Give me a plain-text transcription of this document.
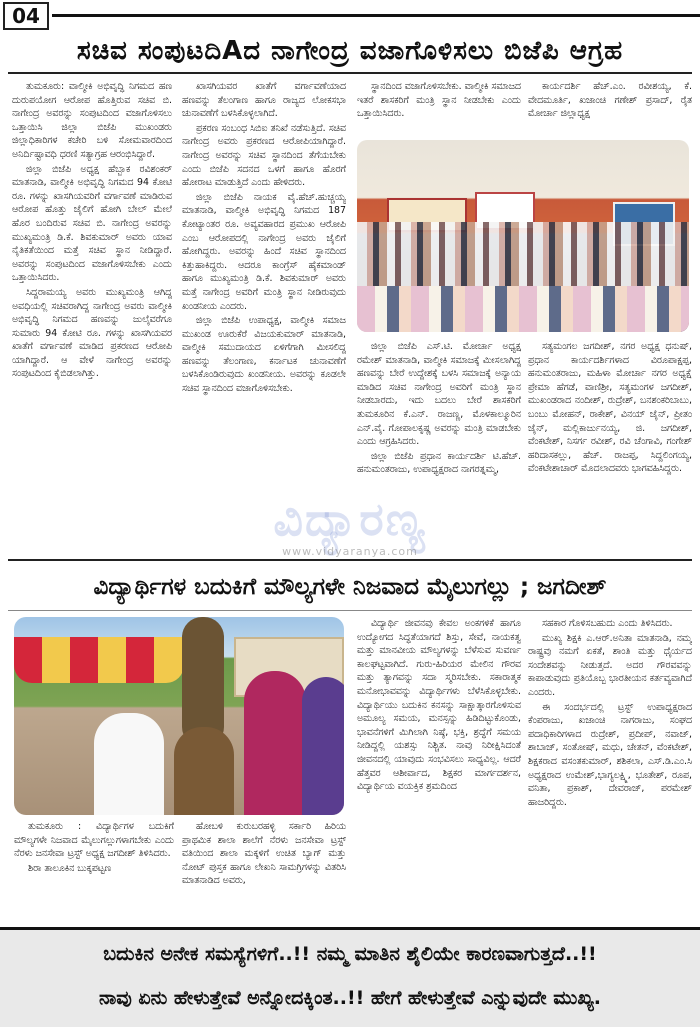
04
ಸಚಿವ ಸಂಪುಟದಿAದ ನಾಗೇಂದ್ರ ವಜಾಗೊಳಿಸಲು ಬಿಜೆಪಿ ಆಗ್ರಹ

ತುಮಕೂರು: ವಾಲ್ಮೀಕಿ ಅಭಿವೃದ್ಧಿ ನಿಗಮದ ಹಣ ದುರುಪಯೋಗ ಆರೋಪ ಹೊತ್ತಿರುವ ಸಚಿವ ಬಿ. ನಾಗೇಂದ್ರ ಅವರನ್ನು ಸಂಪುಟದಿಂದ ವಜಾಗೊಳಿಸಲು ಒತ್ತಾಯಿಸಿ ಜಿಲ್ಲಾ ಬಿಜೆಪಿ ಮುಖಂಡರು ಜಿಲ್ಲಾಧಿಕಾರಿಗಳ ಕಚೇರಿ ಬಳಿ ಸೋಮವಾರದಿಂದ ಅನಿರ್ದಿಷ್ಟಾವಧಿ ಧರಣಿ ಸತ್ಯಾಗ್ರಹ ಆರಂಭಿಸಿದ್ದಾರೆ.

ಜಿಲ್ಲಾ ಬಿಜೆಪಿ ಅಧ್ಯಕ್ಷ ಹೆಬ್ಬಾಕ ರವಿಶಂಕರ್ ಮಾತನಾಡಿ, ವಾಲ್ಮೀಕಿ ಅಭಿವೃದ್ಧಿ ನಿಗಮದ 94 ಕೋಟಿ ರೂ. ಗಳನ್ನು ಖಾಸಗಿಯವರಿಗೆ ವರ್ಗಾವಣೆ ಮಾಡಿರುವ ಆರೋಪ ಹೊತ್ತು ಜೈಲಿಗೆ ಹೋಗಿ ಬೇಲ್ ಮೇಲೆ ಹೊರ ಬಂದಿರುವ ಸಚಿವ ಬಿ. ನಾಗೇಂದ್ರ ಅವರನ್ನು ಮುಖ್ಯಮಂತ್ರಿ ಡಿ.ಕೆ. ಶಿವಕುಮಾರ್ ಅವರು ಯಾವ ನೈತಿಕತೆಯಿಂದ ಮತ್ತೆ ಸಚಿವ ಸ್ಥಾನ ನೀಡಿದ್ದಾರೆ. ಅವರನ್ನು ಸಂಪುಟದಿಂದ ವಜಾಗೊಳಿಸಬೇಕು ಎಂದು ಒತ್ತಾಯಿಸಿದರು.

ಸಿದ್ದರಾಮಯ್ಯ ಅವರು ಮುಖ್ಯಮಂತ್ರಿ ಆಗಿದ್ದ ಅವಧಿಯಲ್ಲಿ ಸಚಿವರಾಗಿದ್ದ ನಾಗೇಂದ್ರ ಅವರು ವಾಲ್ಮೀಕಿ ಅಭಿವೃದ್ಧಿ ನಿಗಮದ ಹಣವನ್ನು ಜುಲೈವರೆಗೂ ಸುಮಾರು 94 ಕೋಟಿ ರೂ. ಗಳನ್ನು ಖಾಸಗಿಯವರ ಖಾತೆಗೆ ವರ್ಗಾವಣೆ ಮಾಡಿದ ಪ್ರಕರಣದ ಆರೋಪಿ ಯಾಗಿದ್ದಾರೆ. ಆ ವೇಳೆ ನಾಗೇಂದ್ರ ಅವರನ್ನು ಸಂಪುಟದಿಂದ ಕೈಬಿಡಲಾಗಿತ್ತು.

ಖಾಸಗಿಯವರ ಖಾತೆಗೆ ವರ್ಗಾವಣೆಯಾದ ಹಣವನ್ನು ತೆಲಂಗಾಣ ಹಾಗೂ ರಾಜ್ಯದ ಲೋಕಸಭಾ ಚುನಾವಣೆಗೆ ಬಳಸಿಕೊಳ್ಳಲಾಗಿದೆ.

ಪ್ರಕರಣ ಸಂಬಂಧ ಸಿಬಿಐ ತನಿಖೆ ನಡೆಸುತ್ತಿದೆ. ಸಚಿವ ನಾಗೇಂದ್ರ ಅವರು ಪ್ರಕರಣದ ಆರೋಪಿಯಾಗಿದ್ದಾರೆ. ನಾಗೇಂದ್ರ ಅವರನ್ನು ಸಚಿವ ಸ್ಥಾನದಿಂದ ತೆಗೆಯಬೇಕು ಎಂದು ಬಿಜೆಪಿ ಸದನದ ಒಳಗೆ ಹಾಗೂ ಹೊರಗೆ ಹೋರಾಟ ಮಾಡುತ್ತಿದೆ ಎಂದು ಹೇಳಿದರು.

ಜಿಲ್ಲಾ ಬಿಜೆಪಿ ನಾಯಕ ವೈ.ಹೆಚ್.ಹುಚ್ಚಯ್ಯ ಮಾತನಾಡಿ, ವಾಲ್ಮೀಕಿ ಅಭಿವೃದ್ಧಿ ನಿಗಮದ 187 ಕೋಟ್ಯಾಂತರ ರೂ. ಅವ್ಯವಹಾರದ ಪ್ರಮುಖ ಆರೋಪಿ ಎಂಬ ಆರೋಪದಲ್ಲಿ ನಾಗೇಂದ್ರ ಅವರು ಜೈಲಿಗೆ ಹೋಗಿದ್ದರು. ಅವರನ್ನು ಹಿಂದೆ ಸಚಿವ ಸ್ಥಾನದಿಂದ ಕಿತ್ತುಹಾಕಿದ್ದರು. ಆದರೂ ಕಾಂಗ್ರೆಸ್ ಹೈಕಮಾಂಡ್ ಹಾಗೂ ಮುಖ್ಯಮಂತ್ರಿ ಡಿ.ಕೆ. ಶಿವಕುಮಾರ್ ಅವರು ಮತ್ತೆ ನಾಗೇಂದ್ರ ಅವರಿಗೆ ಮಂತ್ರಿ ಸ್ಥಾನ ನೀಡಿರುವುದು ಖಂಡನೀಯ ಎಂದರು.

ಜಿಲ್ಲಾ ಬಿಜೆಪಿ ಉಪಾಧ್ಯಕ್ಷ, ವಾಲ್ಮೀಕಿ ಸಮಾಜ ಮುಖಂಡ ಊರುಕೆರೆ ವಿಜಯಕುಮಾರ್ ಮಾತನಾಡಿ, ವಾಲ್ಮೀಕಿ ಸಮುದಾಯದ ಏಳಿಗೆಗಾಗಿ ಮೀಸಲಿದ್ದ ಹಣವನ್ನು ತೆಲಂಗಾಣ, ಕರ್ನಾಟಕ ಚುನಾವಣೆಗೆ ಬಳಸಿಕೊಂಡಿರುವುದು ಖಂಡನೀಯ. ಅವರನ್ನು ಕೂಡಲೇ ಸಚಿವ ಸ್ಥಾನದಿಂದ ವಜಾಗೊಳಿಸಬೇಕು.

ಸ್ಥಾನದಿಂದ ವಜಾಗೊಳಿಸಬೇಕು. ವಾಲ್ಮೀಕಿ ಸಮಾಜದ ಇತರೆ ಶಾಸಕರಿಗೆ ಮಂತ್ರಿ ಸ್ಥಾನ ನೀಡಬೇಕು ಎಂದು ಒತ್ತಾಯಿಸಿದರು.

ಕಾರ್ಯದರ್ಶಿ ಹೆಚ್.ಎಂ. ರವೀಶಯ್ಯ, ಕೆ. ವೇದಮೂರ್ತಿ, ಖಜಾಂಚಿ ಗಣೇಶ್ ಪ್ರಸಾದ್, ರೈತ ಮೋರ್ಚಾ ಜಿಲ್ಲಾಧ್ಯಕ್ಷ

ಜಿಲ್ಲಾ ಬಿಜೆಪಿ ಎಸ್.ಟಿ. ಮೋರ್ಚಾ ಅಧ್ಯಕ್ಷ ರಮೇಶ್ ಮಾತನಾಡಿ, ವಾಲ್ಮೀಕಿ ಸಮಾಜಕ್ಕೆ ಮೀಸಲಾಗಿದ್ದ ಹಣವನ್ನು ಬೇರೆ ಉದ್ದೇಶಕ್ಕೆ ಬಳಸಿ ಸಮಾಜಕ್ಕೆ ಅನ್ಯಾಯ ಮಾಡಿದ ಸಚಿವ ನಾಗೇಂದ್ರ ಅವರಿಗೆ ಮಂತ್ರಿ ಸ್ಥಾನ ನೀಡಬಾರದು, ಇದು ಬದಲು ಬೇರೆ ಶಾಸಕರಿಗೆ ತುಮಕೂರಿನ ಕೆ.ಎನ್. ರಾಜಣ್ಣ, ಮೊಳಕಾಲ್ಮೂರಿನ ಎನ್.ವೈ. ಗೋಪಾಲಕೃಷ್ಣ ಅವರನ್ನು ಮಂತ್ರಿ ಮಾಡಬೇಕು ಎಂದು ಆಗ್ರಹಿಸಿದರು.

ಜಿಲ್ಲಾ ಬಿಜೆಪಿ ಪ್ರಧಾನ ಕಾರ್ಯದರ್ಶಿ ಟಿ.ಹೆಚ್. ಹನುಮಂತರಾಜು, ಉಪಾಧ್ಯಕ್ಷರಾದ ನಾಗರತ್ನಮ್ಮ,

ಸತ್ಯಮಂಗಲ ಜಗದೀಶ್, ನಗರ ಅಧ್ಯಕ್ಷ ಧನುಷ್, ಪ್ರಧಾನ ಕಾರ್ಯದರ್ಶಿಗಳಾದ ವಿರೂಪಾಕ್ಷಪ್ಪ, ಹನುಮಂತರಾಜು, ಮಹಿಳಾ ಮೋರ್ಚಾ ನಗರ ಅಧ್ಯಕ್ಷೆ ಪ್ರೇಮಾ ಹೆಗಡೆ, ವಾಣಿಶ್ರೀ, ಸತ್ಯಮಂಗಳ ಜಗದೀಶ್, ಮುಖಂಡರಾದ ನಂದೀಶ್, ರುದ್ರೇಶ್, ಬನಶಂಕರಿಬಾಬು, ಬಂಬು ಮೋಹನ್, ರಾಕೇಶ್, ವಿನಯ್ ಜೈನ್, ಪ್ರೀತಂ ಜೈನ್, ಮಲ್ಲಿಕಾರ್ಜುನಯ್ಯ, ಜಿ. ಜಗದೀಶ್, ವೆಂಕಟೇಶ್, ನಿಸರ್ಗ ರವೀಶ್, ರವಿ ಚೆಂಗಾವಿ, ಗಂಗೇಶ್ ಹರಿದಾಸಕಲ್ಲು, ಹೆಚ್. ರಾಜಪ್ಪ, ಸಿದ್ದಲಿಂಗಯ್ಯ, ವೆಂಕಟೇಶಾಚಾರ್ ಮೊದಲಾದವರು ಭಾಗವಹಿಸಿದ್ದರು.

ವಿದ್ಯಾರಣ್ಯ
www.vidyaranya.com
ವಿದ್ಯಾರ್ಥಿಗಳ ಬದುಕಿಗೆ ಮೌಲ್ಯಗಳೇ ನಿಜವಾದ ಮೈಲುಗಲ್ಲು ; ಜಗದೀಶ್

ತುಮಕೂರು : ವಿದ್ಯಾರ್ಥಿಗಳ ಬದುಕಿಗೆ ಮೌಲ್ಯಗಳೇ ನಿಜವಾದ ಮೈಲುಗಲ್ಲುಗಳಾಗಬೇಕು ಎಂದು ನೆರಳು ಜನಸೇವಾ ಟ್ರಸ್ಟ್ ಅಧ್ಯಕ್ಷ ಜಗದೀಶ್ ತಿಳಿಸಿದರು.

ಶಿರಾ ತಾಲೂಕಿನ ಬುಕ್ಕಪಟ್ಟಣ

ಹೋಬಳಿ ಕುರುಬರಹಳ್ಳಿ ಸರ್ಕಾರಿ ಹಿರಿಯ ಪ್ರಾಥಮಿಕ ಶಾಲಾ ಶಾಲೆಗೆ ನೆರಳು ಜನಸೇವಾ ಟ್ರಸ್ಟ್ ವತಿಯಿಂದ ಶಾಲಾ ಮಕ್ಕಳಿಗೆ ಉಚಿತ ಬ್ಯಾಗ್ ಮತ್ತು ನೋಟ್ ಪುಸ್ತಕ ಹಾಗೂ ಲೇಖನಿ ಸಾಮಗ್ರಿಗಳನ್ನು ವಿತರಿಸಿ ಮಾತನಾಡಿದ ಅವರು,

ವಿದ್ಯಾರ್ಥಿ ಜೀವನವು ಕೇವಲ ಅಂಕಗಳಿಕೆ ಹಾಗೂ ಉದ್ಯೋಗದ ಸಿದ್ಧತೆಯಾಗದೆ ಶಿಸ್ತು, ಸೇವೆ, ನಾಯಕತ್ವ ಮತ್ತು ಮಾನವೀಯ ಮೌಲ್ಯಗಳನ್ನು ಬೆಳೆಸುವ ಸುವರ್ಣ ಕಾಲಘಟ್ಟವಾಗಿದೆ. ಗುರು-ಹಿರಿಯರ ಮೇಲಿನ ಗೌರವ ಮತ್ತು ತ್ಯಾಗವನ್ನು ಸದಾ ಸ್ಮರಿಸಬೇಕು. ಸಕಾರಾತ್ಮಕ ಮನೋಭಾವವನ್ನು ವಿದ್ಯಾರ್ಥಿಗಳು ಬೆಳೆಸಿಕೊಳ್ಳಬೇಕು. ವಿದ್ಯಾರ್ಥಿಯು ಬದುಕಿನ ಕನಸನ್ನು ಸಾಕ್ಷಾತ್ಕಾರಗೊಳಿಸುವ ಅಮೂಲ್ಯ ಸಮಯ, ಮನಸ್ಸನ್ನು ಹಿಡಿದಿಟ್ಟುಕೊಂಡು, ಭಾವನೆಗಳಿಗೆ ಮಿಗಿಲಾಗಿ ನಿಷ್ಠೆ, ಭಕ್ತಿ, ಶ್ರದ್ಧೆಗೆ ಸಮಯ ನೀಡಿದ್ದಲ್ಲಿ ಯಶಸ್ಸು ನಿಶ್ಚಿತ. ನಾವು ನಿರೀಕ್ಷಿಸಿದಂತೆ ಜೀವನದಲ್ಲಿ ಯಾವುದು ಸಂಭವಿಸಲು ಸಾಧ್ಯವಿಲ್ಲ. ಆದರೆ ಹೆತ್ತವರ ಆಶೀರ್ವಾದ, ಶಿಕ್ಷಕರ ಮಾರ್ಗದರ್ಶನ, ವಿದ್ಯಾರ್ಥಿಯ ವಯಕ್ತಿಕ ಶ್ರಮದಿಂದ

ಸಹಕಾರ ಗೊಳಿಸಬಹುದು ಎಂದು ತಿಳಿಸಿದರು.

ಮುಖ್ಯ ಶಿಕ್ಷಕಿ ಎ.ಆರ್.ಅನಿತಾ ಮಾತನಾಡಿ, ನಮ್ಮ ರಾಷ್ಟ್ರವು ನಮಗೆ ಏಕತೆ, ಶಾಂತಿ ಮತ್ತು ಧೈರ್ಯದ ಸಂದೇಶವನ್ನು ನೀಡುತ್ತದೆ. ಅದರ ಗೌರವವನ್ನು ಕಾಪಾಡುವುದು ಪ್ರತಿಯೊಬ್ಬ ಭಾರತೀಯನ ಕರ್ತವ್ಯವಾಗಿದೆ ಎಂದರು.

ಈ ಸಂದರ್ಭದಲ್ಲಿ ಟ್ರಸ್ಟ್ ಉಪಾಧ್ಯಕ್ಷರಾದ ಕೆಂಪರಾಜು, ಖಜಾಂಚಿ ನಾಗರಾಜು, ಸಂಘದ ಪದಾಧಿಕಾರಿಗಳಾದ ರುದ್ರೇಶ್, ಪ್ರದೀಪ್, ನವಾಜ್, ಶಾಬಾಜ್, ಸಂತೋಷ್, ಮಧು, ಚೇತನ್, ವೆಂಕಟೇಶ್, ಶಿಕ್ಷಕರಾದ ವಸಂತಕುಮಾರ್, ಶಶಿಕಲಾ, ಎಸ್.ಡಿ.ಎಂ.ಸಿ ಅಧ್ಯಕ್ಷರಾದ ಉಮೇಶ್,ಭಾಗ್ಯಲಕ್ಷ್ಮಿ, ಭೂತೇಶ್, ರೂಪ, ವನಿತಾ, ಪ್ರಕಾಶ್, ದೇವರಾಜ್, ಪರಮೇಶ್ ಹಾಜರಿದ್ದರು.

ಬದುಕಿನ ಅನೇಕ ಸಮಸ್ಯೆಗಳಿಗೆ..!! ನಮ್ಮ ಮಾತಿನ ಶೈಲಿಯೇ ಕಾರಣವಾಗುತ್ತದೆ..!!
ನಾವು ಏನು ಹೇಳುತ್ತೇವೆ ಅನ್ನೋದಕ್ಕಿಂತ..!! ಹೇಗೆ ಹೇಳುತ್ತೇವೆ ಎನ್ನುವುದೇ ಮುಖ್ಯ.
